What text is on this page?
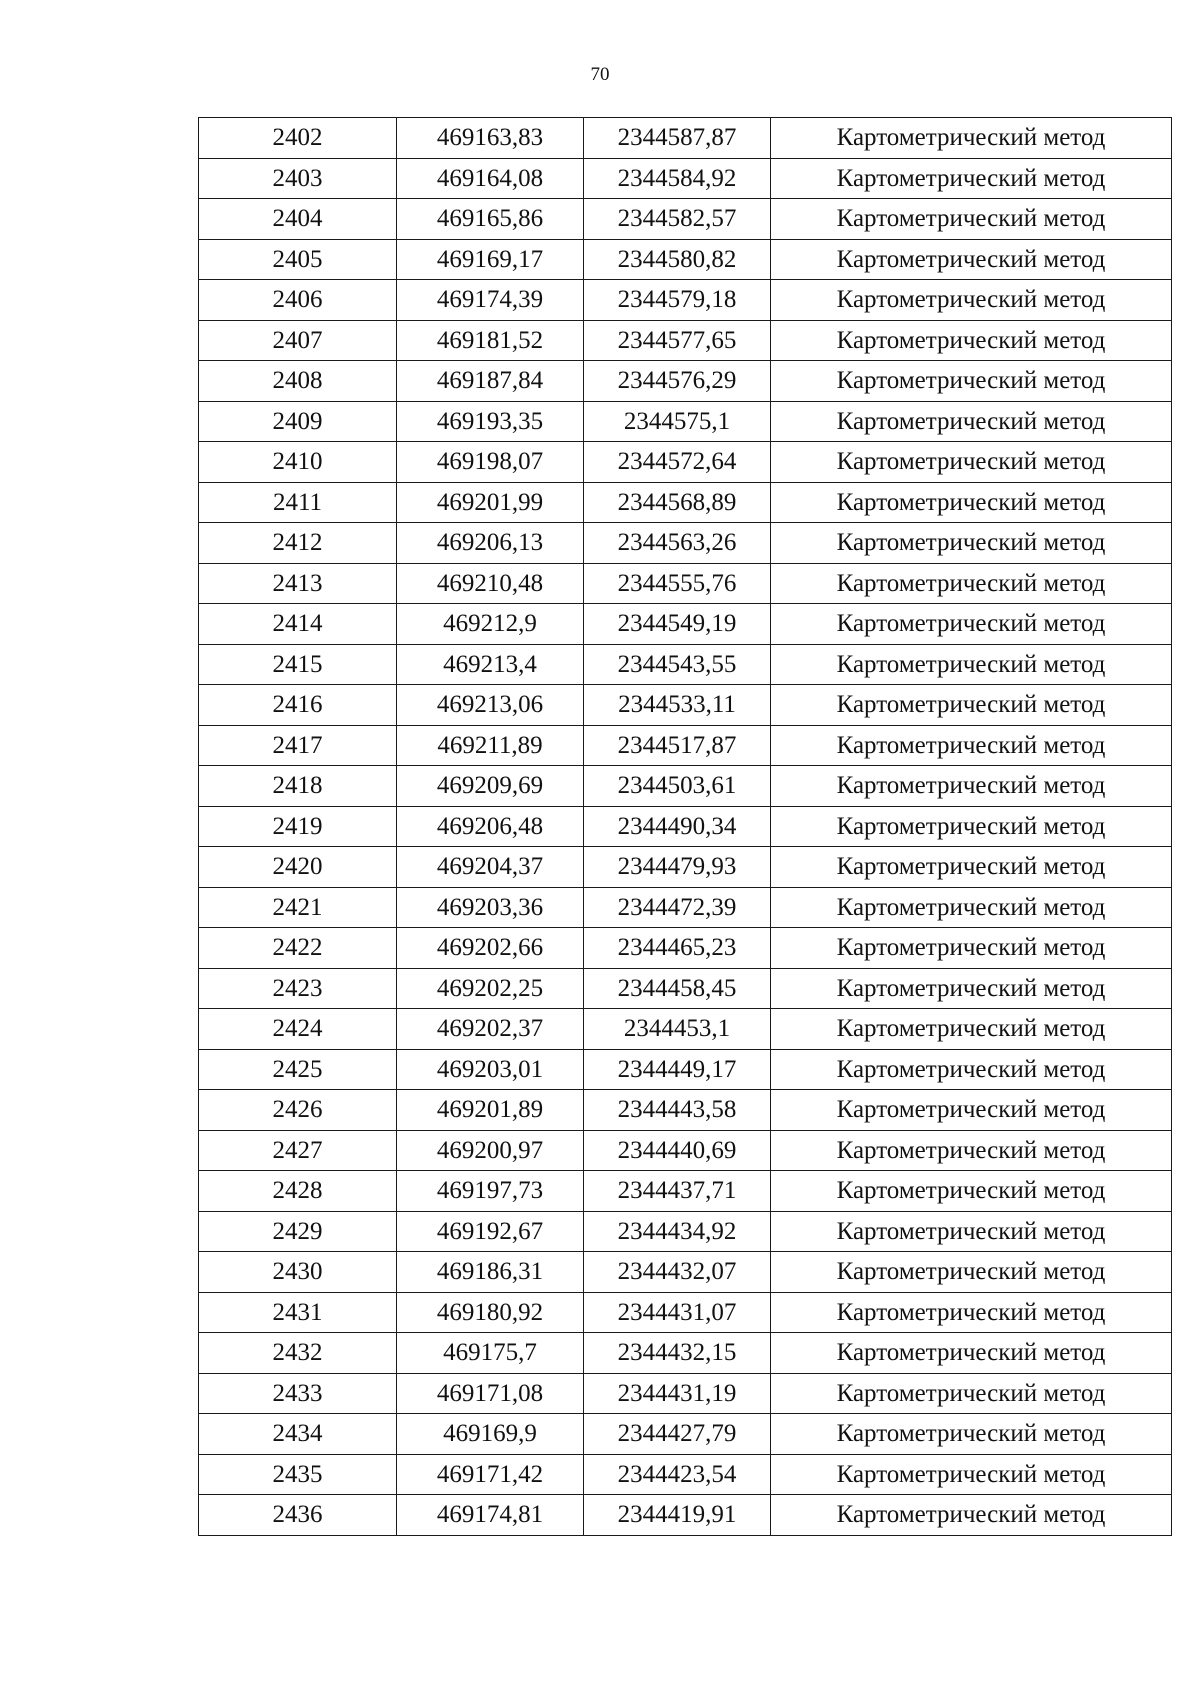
70
2402	469163,83	2344587,87	Картометрический метод
2403	469164,08	2344584,92	Картометрический метод
2404	469165,86	2344582,57	Картометрический метод
2405	469169,17	2344580,82	Картометрический метод
2406	469174,39	2344579,18	Картометрический метод
2407	469181,52	2344577,65	Картометрический метод
2408	469187,84	2344576,29	Картометрический метод
2409	469193,35	2344575,1	Картометрический метод
2410	469198,07	2344572,64	Картометрический метод
2411	469201,99	2344568,89	Картометрический метод
2412	469206,13	2344563,26	Картометрический метод
2413	469210,48	2344555,76	Картометрический метод
2414	469212,9	2344549,19	Картометрический метод
2415	469213,4	2344543,55	Картометрический метод
2416	469213,06	2344533,11	Картометрический метод
2417	469211,89	2344517,87	Картометрический метод
2418	469209,69	2344503,61	Картометрический метод
2419	469206,48	2344490,34	Картометрический метод
2420	469204,37	2344479,93	Картометрический метод
2421	469203,36	2344472,39	Картометрический метод
2422	469202,66	2344465,23	Картометрический метод
2423	469202,25	2344458,45	Картометрический метод
2424	469202,37	2344453,1	Картометрический метод
2425	469203,01	2344449,17	Картометрический метод
2426	469201,89	2344443,58	Картометрический метод
2427	469200,97	2344440,69	Картометрический метод
2428	469197,73	2344437,71	Картометрический метод
2429	469192,67	2344434,92	Картометрический метод
2430	469186,31	2344432,07	Картометрический метод
2431	469180,92	2344431,07	Картометрический метод
2432	469175,7	2344432,15	Картометрический метод
2433	469171,08	2344431,19	Картометрический метод
2434	469169,9	2344427,79	Картометрический метод
2435	469171,42	2344423,54	Картометрический метод
2436	469174,81	2344419,91	Картометрический метод
